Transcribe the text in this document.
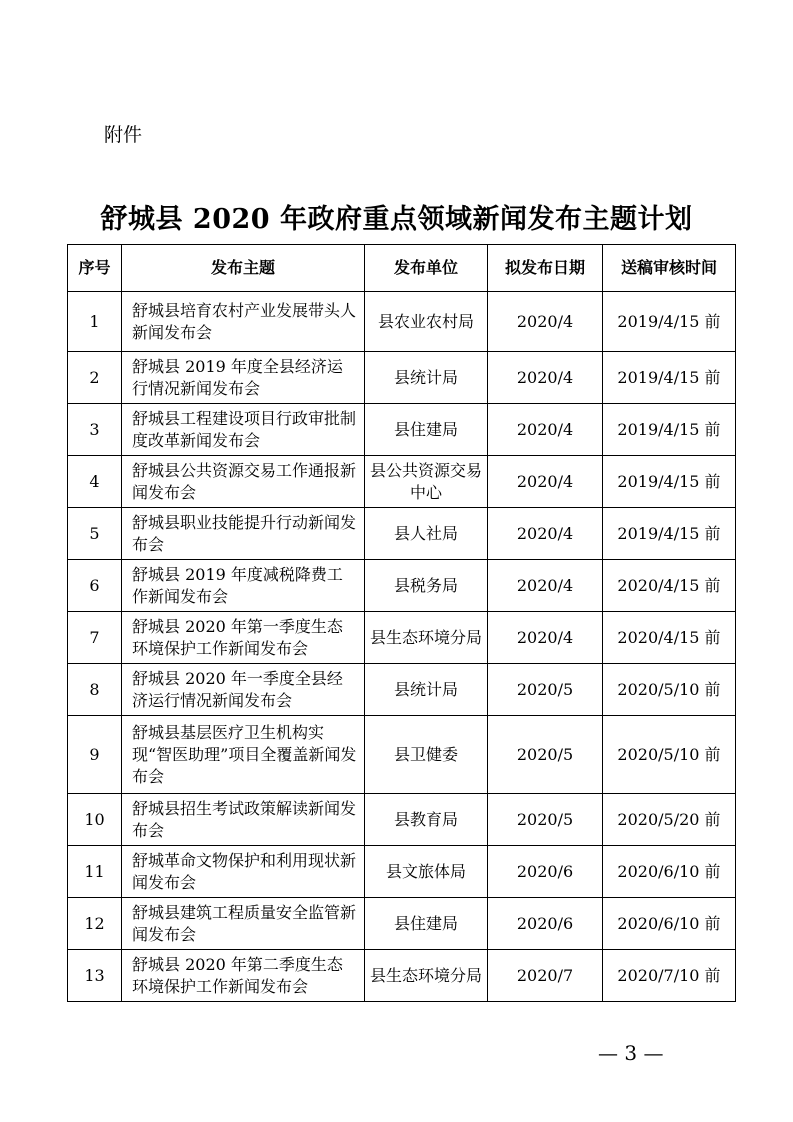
附件
舒城县 2020 年政府重点领域新闻发布主题计划
序号	发布主题	发布单位	拟发布日期	送稿审核时间
1	舒城县培育农村产业发展带头人新闻发布会	县农业农村局	2020/4	2019/4/15 前
2	舒城县 2019 年度全县经济运行情况新闻发布会	县统计局	2020/4	2019/4/15 前
3	舒城县工程建设项目行政审批制度改革新闻发布会	县住建局	2020/4	2019/4/15 前
4	舒城县公共资源交易工作通报新闻发布会	县公共资源交易中心	2020/4	2019/4/15 前
5	舒城县职业技能提升行动新闻发布会	县人社局	2020/4	2019/4/15 前
6	舒城县 2019 年度减税降费工作新闻发布会	县税务局	2020/4	2020/4/15 前
7	舒城县 2020 年第一季度生态环境保护工作新闻发布会	县生态环境分局	2020/4	2020/4/15 前
8	舒城县 2020 年一季度全县经济运行情况新闻发布会	县统计局	2020/5	2020/5/10 前
9	舒城县基层医疗卫生机构实现“智医助理”项目全覆盖新闻发布会	县卫健委	2020/5	2020/5/10 前
10	舒城县招生考试政策解读新闻发布会	县教育局	2020/5	2020/5/20 前
11	舒城革命文物保护和利用现状新闻发布会	县文旅体局	2020/6	2020/6/10 前
12	舒城县建筑工程质量安全监管新闻发布会	县住建局	2020/6	2020/6/10 前
13	舒城县 2020 年第二季度生态环境保护工作新闻发布会	县生态环境分局	2020/7	2020/7/10 前
— 3 —
